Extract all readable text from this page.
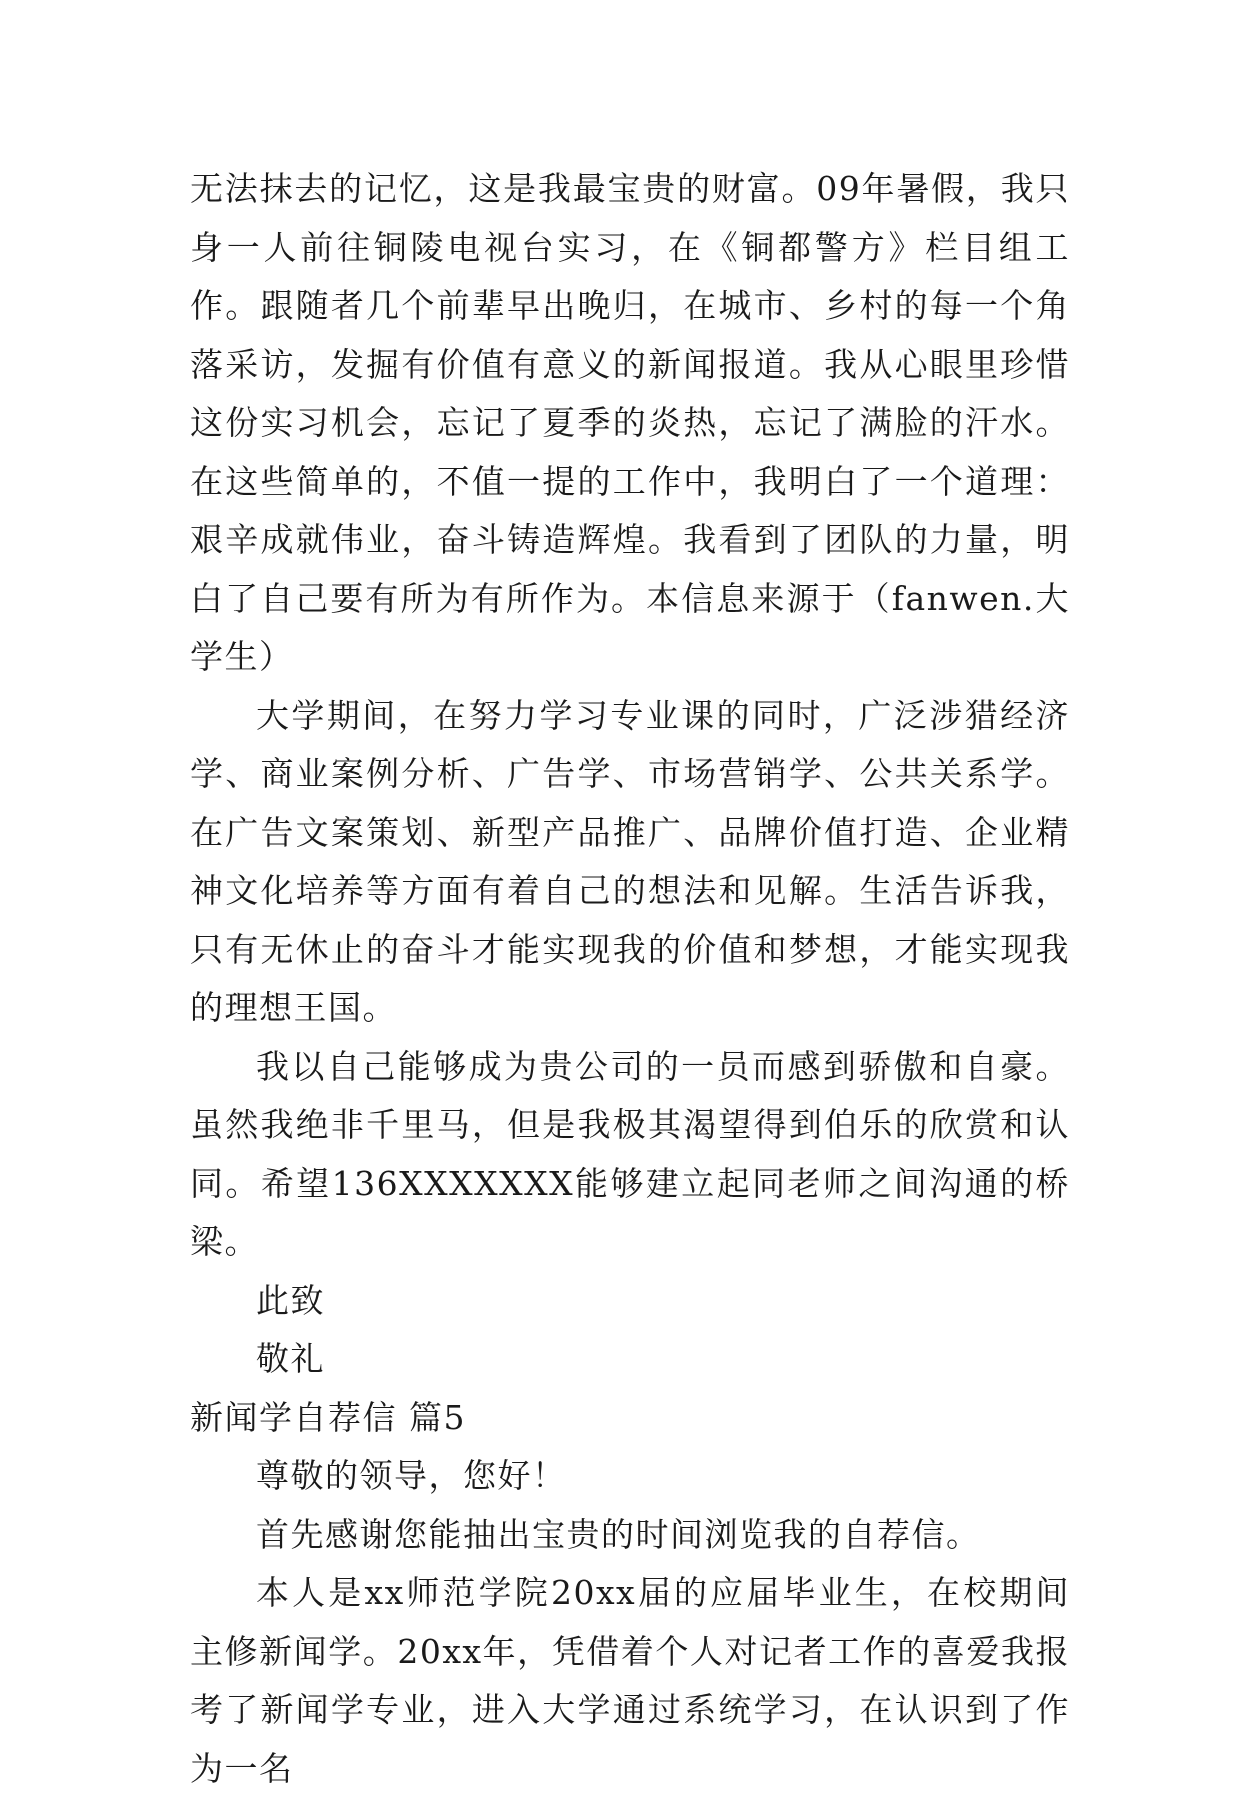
无法抹去的记忆，这是我最宝贵的财富。09年暑假，我只身一人前往铜陵电视台实习，在《铜都警方》栏目组工作。跟随者几个前辈早出晚归，在城市、乡村的每一个角落采访，发掘有价值有意义的新闻报道。我从心眼里珍惜这份实习机会，忘记了夏季的炎热，忘记了满脸的汗水。在这些简单的，不值一提的工作中，我明白了一个道理：艰辛成就伟业，奋斗铸造辉煌。我看到了团队的力量，明白了自己要有所为有所作为。本信息来源于（fanwen.大学生）

大学期间，在努力学习专业课的同时，广泛涉猎经济学、商业案例分析、广告学、市场营销学、公共关系学。在广告文案策划、新型产品推广、品牌价值打造、企业精神文化培养等方面有着自己的想法和见解。生活告诉我，只有无休止的奋斗才能实现我的价值和梦想，才能实现我的理想王国。

我以自己能够成为贵公司的一员而感到骄傲和自豪。虽然我绝非千里马，但是我极其渴望得到伯乐的欣赏和认同。希望136XXXXXXX能够建立起同老师之间沟通的桥梁。

此致

敬礼

新闻学自荐信 篇5

尊敬的领导，您好！

首先感谢您能抽出宝贵的时间浏览我的自荐信。

本人是xx师范学院20xx届的应届毕业生，在校期间主修新闻学。20xx年，凭借着个人对记者工作的喜爱我报考了新闻学专业，进入大学通过系统学习，在认识到了作为一名
